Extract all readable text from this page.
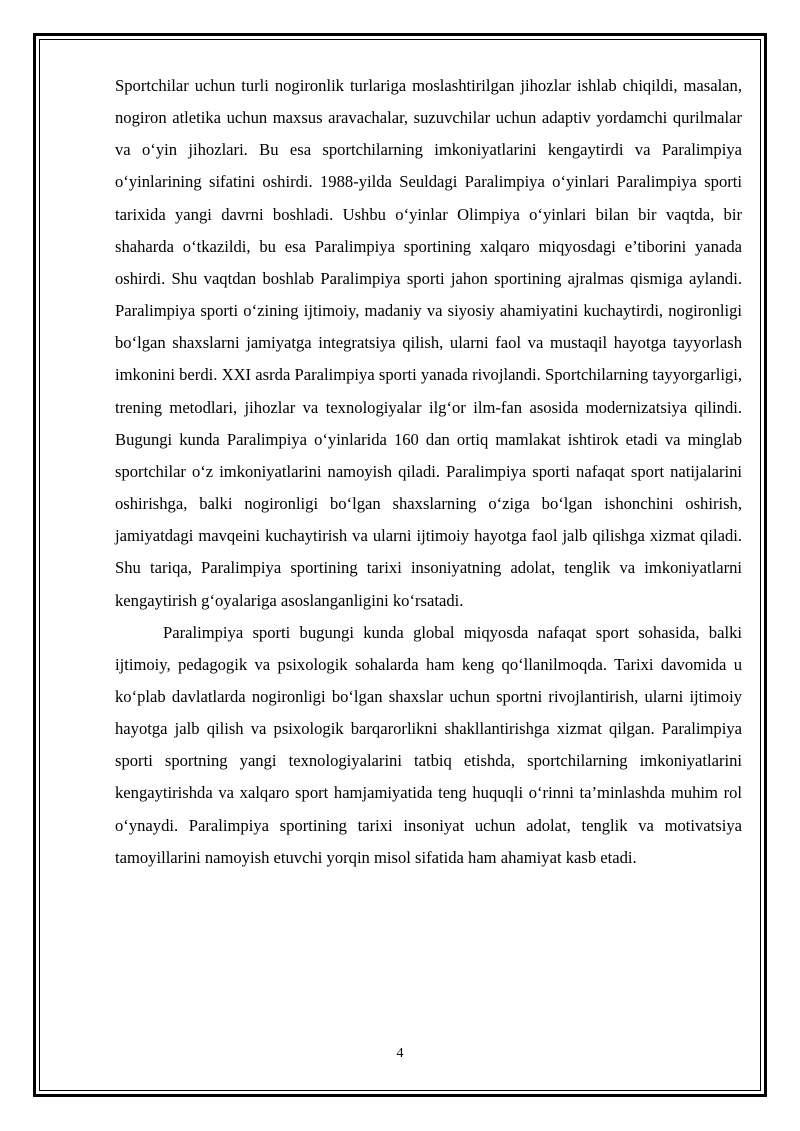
Sportchilar uchun turli nogironlik turlariga moslashtirilgan jihozlar ishlab chiqildi, masalan, nogiron atletika uchun maxsus aravachalar, suzuvchilar uchun adaptiv yordamchi qurilmalar va o‘yin jihozlari. Bu esa sportchilarning imkoniyatlarini kengaytirdi va Paralimpiya o‘yinlarining sifatini oshirdi. 1988-yilda Seuldagi Paralimpiya o‘yinlari Paralimpiya sporti tarixida yangi davrni boshladi. Ushbu o‘yinlar Olimpiya o‘yinlari bilan bir vaqtda, bir shaharda o‘tkazildi, bu esa Paralimpiya sportining xalqaro miqyosdagi e’tiborini yanada oshirdi. Shu vaqtdan boshlab Paralimpiya sporti jahon sportining ajralmas qismiga aylandi. Paralimpiya sporti o‘zining ijtimoiy, madaniy va siyosiy ahamiyatini kuchaytirdi, nogironligi bo‘lgan shaxslarni jamiyatga integratsiya qilish, ularni faol va mustaqil hayotga tayyorlash imkonini berdi. XXI asrda Paralimpiya sporti yanada rivojlandi. Sportchilarning tayyorgarligi, trening metodlari, jihozlar va texnologiyalar ilg‘or ilm-fan asosida modernizatsiya qilindi. Bugungi kunda Paralimpiya o‘yinlarida 160 dan ortiq mamlakat ishtirok etadi va minglab sportchilar o‘z imkoniyatlarini namoyish qiladi. Paralimpiya sporti nafaqat sport natijalarini oshirishga, balki nogironligi bo‘lgan shaxslarning o‘ziga bo‘lgan ishonchini oshirish, jamiyatdagi mavqeini kuchaytirish va ularni ijtimoiy hayotga faol jalb qilishga xizmat qiladi. Shu tariqa, Paralimpiya sportining tarixi insoniyatning adolat, tenglik va imkoniyatlarni kengaytirish g‘oyalariga asoslanganligini ko‘rsatadi.

Paralimpiya sporti bugungi kunda global miqyosda nafaqat sport sohasida, balki ijtimoiy, pedagogik va psixologik sohalarda ham keng qo‘llanilmoqda. Tarixi davomida u ko‘plab davlatlarda nogironligi bo‘lgan shaxslar uchun sportni rivojlantirish, ularni ijtimoiy hayotga jalb qilish va psixologik barqarorlikni shakllantirishga xizmat qilgan. Paralimpiya sporti sportning yangi texnologiyalarini tatbiq etishda, sportchilarning imkoniyatlarini kengaytirishda va xalqaro sport hamjamiyatida teng huquqli o‘rinni ta’minlashda muhim rol o‘ynaydi. Paralimpiya sportining tarixi insoniyat uchun adolat, tenglik va motivatsiya tamoyillarini namoyish etuvchi yorqin misol sifatida ham ahamiyat kasb etadi.

4
